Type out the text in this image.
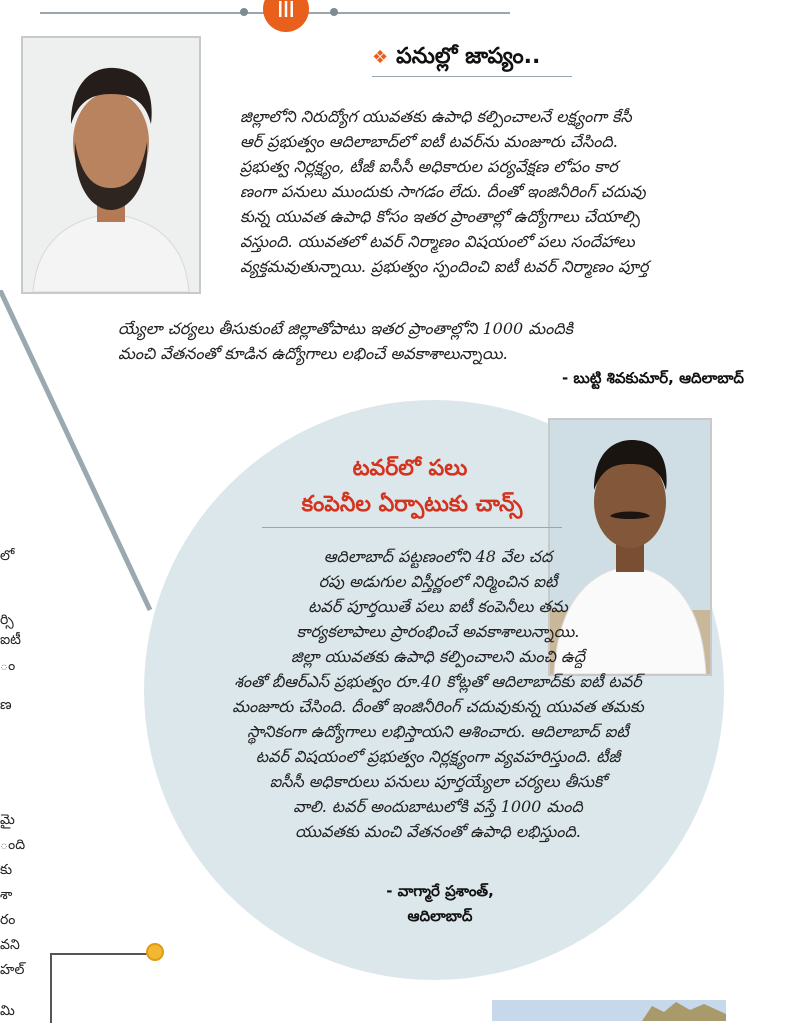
లో
ర్సి
ఐటీ
ం
ణ
మై
ంది
కు
శా
రం
వని
హల్
మి
❖ పనుల్లో జాప్యం..
జిల్లాలోని నిరుద్యోగ యువతకు ఉపాధి కల్పించాలనే లక్ష్యంగా కేసీ
ఆర్ ప్రభుత్వం ఆదిలాబాద్‌లో ఐటీ టవర్‌ను మంజూరు చేసింది.
ప్రభుత్వ నిర్లక్ష్యం, టీజీ ఐసీసీ అధికారుల పర్యవేక్షణ లోపం కార
ణంగా పనులు ముందుకు సాగడం లేదు. దీంతో ఇంజినీరింగ్ చదువు
కున్న యువత ఉపాధి కోసం ఇతర ప్రాంతాల్లో ఉద్యోగాలు చేయాల్సి
వస్తుంది. యువతలో టవర్ నిర్మాణం విషయంలో పలు సందేహాలు
వ్యక్తమవుతున్నాయి. ప్రభుత్వం స్పందించి ఐటీ టవర్ నిర్మాణం పూర్త
య్యేలా చర్యలు తీసుకుంటే జిల్లాతోపాటు ఇతర ప్రాంతాల్లోని 1000 మందికి
మంచి వేతనంతో కూడిన ఉద్యోగాలు లభించే అవకాశాలున్నాయి.
- బుట్టి శివకుమార్, ఆదిలాబాద్
టవర్‌లో పలు
కంపెనీల ఏర్పాటుకు చాన్స్
ఆదిలాబాద్ పట్టణంలోని 48 వేల చద
రపు అడుగుల విస్తీర్ణంలో నిర్మించిన ఐటీ
టవర్ పూర్తయితే పలు ఐటీ కంపెనీలు తమ
కార్యకలాపాలు ప్రారంభించే అవకాశాలున్నాయి.
జిల్లా యువతకు ఉపాధి కల్పించాలని మంచి ఉద్దే
శంతో బీఆర్ఎస్ ప్రభుత్వం రూ.40 కోట్లతో ఆదిలాబాద్‌కు ఐటీ టవర్
మంజూరు చేసింది. దీంతో ఇంజినీరింగ్ చదువుకున్న యువత తమకు
స్థానికంగా ఉద్యోగాలు లభిస్తాయని ఆశించారు. ఆదిలాబాద్ ఐటీ
టవర్ విషయంలో ప్రభుత్వం నిర్లక్ష్యంగా వ్యవహరిస్తుంది. టీజీ
ఐసీసీ అధికారులు పనులు పూర్తయ్యేలా చర్యలు తీసుకో
వాలి. టవర్ అందుబాటులోకి వస్తే 1000 మంది
యువతకు మంచి వేతనంతో ఉపాధి లభిస్తుంది.
- వాగ్మారే ప్రశాంత్,
ఆదిలాబాద్
